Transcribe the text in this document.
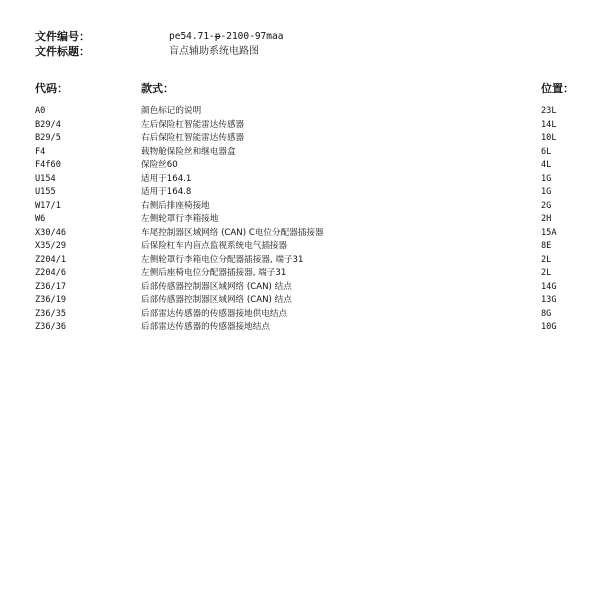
文件编号：	pe54.71-p-2100-97maa
文件标题：	盲点辅助系统电路图
代码：	款式：	位置：
A0	颜色标记的说明	23L
B29/4	左后保险杠智能雷达传感器	14L
B29/5	右后保险杠智能雷达传感器	10L
F4	载物舱保险丝和继电器盒	6L
F4f60	保险丝60	4L
U154	适用于164.1	1G
U155	适用于164.8	1G
W17/1	右侧后排座椅接地	2G
W6	左侧轮罩行李箱接地	2H
X30/46	车尾控制器区域网络 (CAN) C电位分配器插接器	15A
X35/29	后保险杠车内盲点监视系统电气插接器	8E
Z204/1	左侧轮罩行李箱电位分配器插接器, 端子31	2L
Z204/6	左侧后座椅电位分配器插接器, 端子31	2L
Z36/17	后部传感器控制器区域网络 (CAN) 结点	14G
Z36/19	后部传感器控制器区域网络 (CAN) 结点	13G
Z36/35	后部雷达传感器的传感器接地供电结点	8G
Z36/36	后部雷达传感器的传感器接地结点	10G
